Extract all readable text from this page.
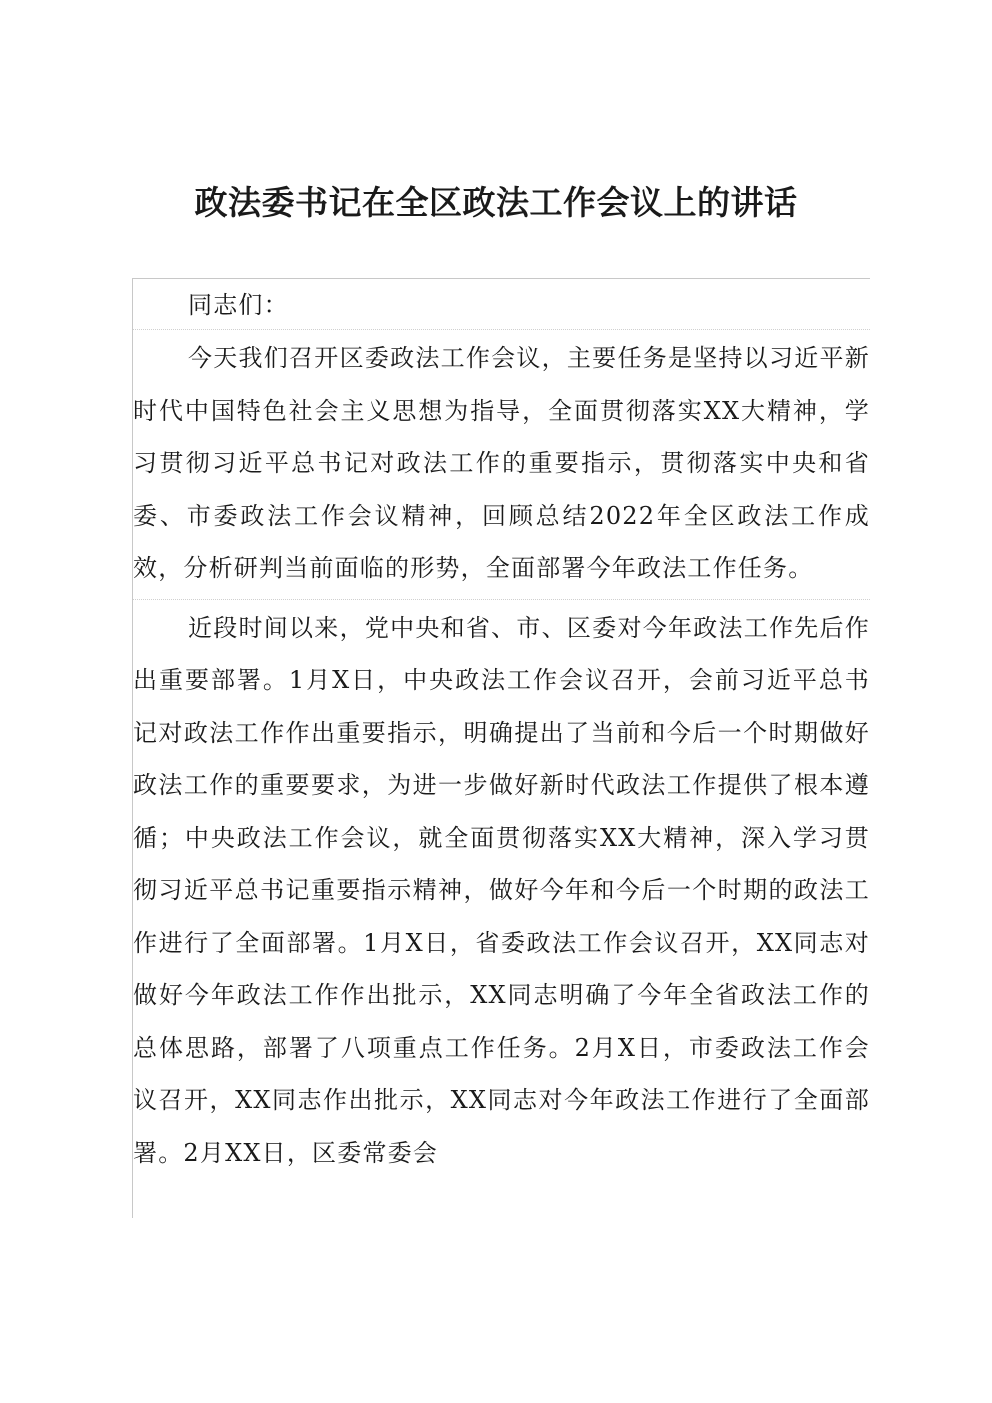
政法委书记在全区政法工作会议上的讲话

同志们：

今天我们召开区委政法工作会议，主要任务是坚持以习近平新时代中国特色社会主义思想为指导，全面贯彻落实XX大精神，学习贯彻习近平总书记对政法工作的重要指示，贯彻落实中央和省委、市委政法工作会议精神，回顾总结2022年全区政法工作成效，分析研判当前面临的形势，全面部署今年政法工作任务。

近段时间以来，党中央和省、市、区委对今年政法工作先后作出重要部署。1月X日，中央政法工作会议召开，会前习近平总书记对政法工作作出重要指示，明确提出了当前和今后一个时期做好政法工作的重要要求，为进一步做好新时代政法工作提供了根本遵循；中央政法工作会议，就全面贯彻落实XX大精神，深入学习贯彻习近平总书记重要指示精神，做好今年和今后一个时期的政法工作进行了全面部署。1月X日，省委政法工作会议召开，XX同志对做好今年政法工作作出批示，XX同志明确了今年全省政法工作的总体思路，部署了八项重点工作任务。2月X日，市委政法工作会议召开，XX同志作出批示，XX同志对今年政法工作进行了全面部署。2月XX日，区委常委会
